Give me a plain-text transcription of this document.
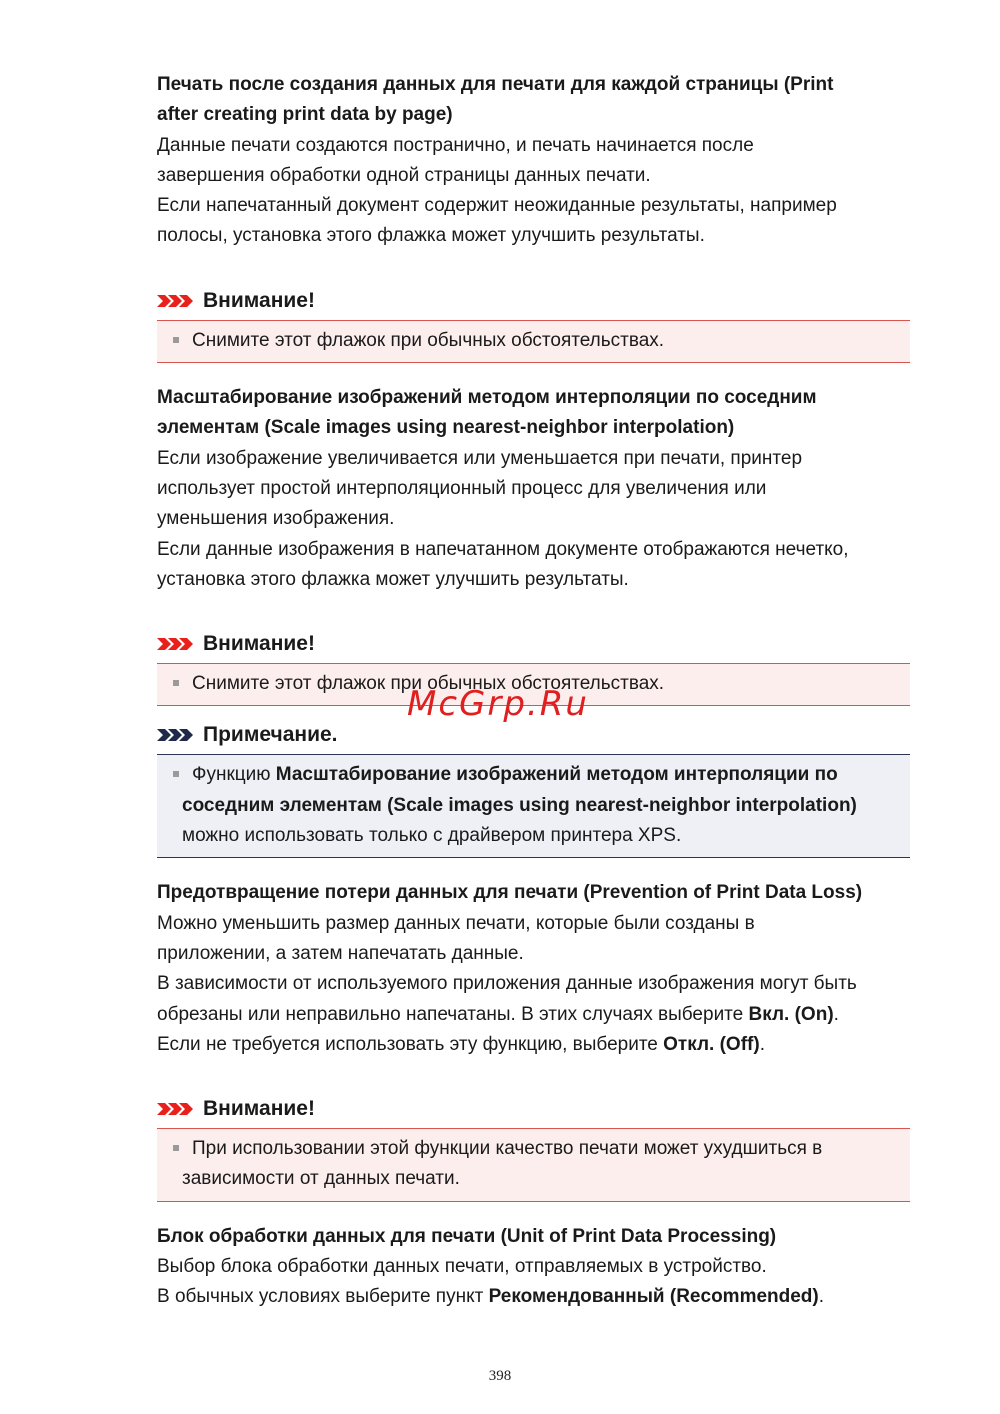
Печать после создания данных для печати для каждой страницы (Print
after creating print data by page)

Данные печати создаются постранично, и печать начинается после
завершения обработки одной страницы данных печати.
Если напечатанный документ содержит неожиданные результаты, например
полосы, установка этого флажка может улучшить результаты.

Внимание!
Снимите этот флажок при обычных обстоятельствах.

Масштабирование изображений методом интерполяции по соседним
элементам (Scale images using nearest-neighbor interpolation)

Если изображение увеличивается или уменьшается при печати, принтер
использует простой интерполяционный процесс для увеличения или
уменьшения изображения.
Если данные изображения в напечатанном документе отображаются нечетко,
установка этого флажка может улучшить результаты.

Внимание!
Снимите этот флажок при обычных обстоятельствах.
Примечание.
Функцию Масштабирование изображений методом интерполяции по
соседним элементам (Scale images using nearest-neighbor interpolation)
можно использовать только с драйвером принтера XPS.

Предотвращение потери данных для печати (Prevention of Print Data Loss)

Можно уменьшить размер данных печати, которые были созданы в
приложении, а затем напечатать данные.
В зависимости от используемого приложения данные изображения могут быть
обрезаны или неправильно напечатаны. В этих случаях выберите Вкл. (On).
Если не требуется использовать эту функцию, выберите Откл. (Off).

Внимание!
При использовании этой функции качество печати может ухудшиться в
зависимости от данных печати.

Блок обработки данных для печати (Unit of Print Data Processing)

Выбор блока обработки данных печати, отправляемых в устройство.
В обычных условиях выберите пункт Рекомендованный (Recommended).

McGrp.Ru
398
